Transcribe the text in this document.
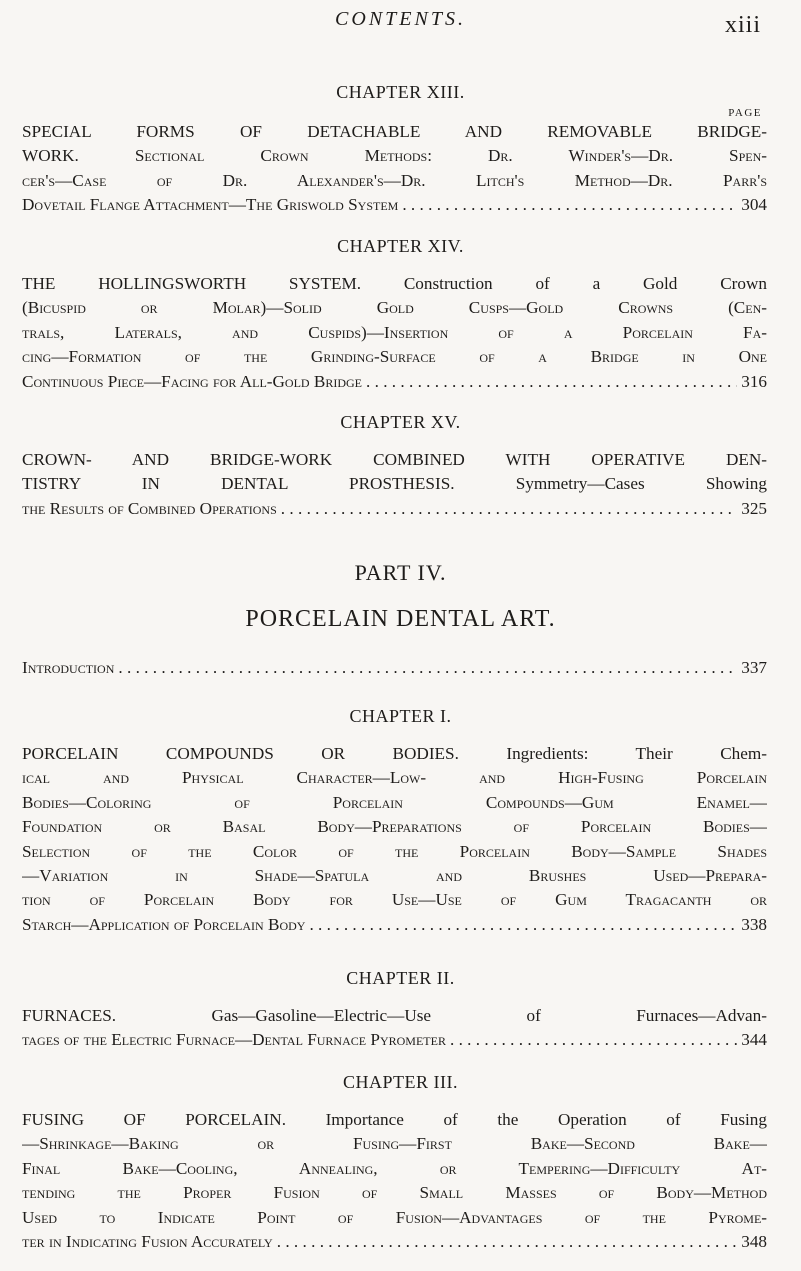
CONTENTS.	xiii
PAGE
CHAPTER XIII.
SPECIAL FORMS OF DETACHABLE AND REMOVABLE BRIDGE-
WORK. Sectional Crown Methods: Dr. Winder's—Dr. Spen-
cer's—Case of Dr. Alexander's—Dr. Litch's Method—Dr. Parr's
Dovetail Flange Attachment—The Griswold System . . .	304
CHAPTER XIV.
THE HOLLINGSWORTH SYSTEM. Construction of a Gold Crown
(Bicuspid or Molar)—Solid Gold Cusps—Gold Crowns (Cen-
trals, Laterals, and Cuspids)—Insertion of a Porcelain Fa-
cing—Formation of the Grinding-Surface of a Bridge in One
Continuous Piece—Facing for All-Gold Bridge . . .	316
CHAPTER XV.
CROWN- AND BRIDGE-WORK COMBINED WITH OPERATIVE DEN-
TISTRY IN DENTAL PROSTHESIS. Symmetry—Cases Showing
the Results of Combined Operations . . .	325
PART IV.
PORCELAIN DENTAL ART.
Introduction . . .	337
CHAPTER I.
PORCELAIN COMPOUNDS OR BODIES. Ingredients: Their Chem-
ical and Physical Character—Low- and High-Fusing Porcelain
Bodies—Coloring of Porcelain Compounds—Gum Enamel—
Foundation or Basal Body—Preparations of Porcelain Bodies—
Selection of the Color of the Porcelain Body—Sample Shades
—Variation in Shade—Spatula and Brushes Used—Prepara-
tion of Porcelain Body for Use—Use of Gum Tragacanth or
Starch—Application of Porcelain Body . . .	338
CHAPTER II.
FURNACES. Gas—Gasoline—Electric—Use of Furnaces—Advan-
tages of the Electric Furnace—Dental Furnace Pyrometer . . .	344
CHAPTER III.
FUSING OF PORCELAIN. Importance of the Operation of Fusing
—Shrinkage—Baking or Fusing—First Bake—Second Bake—
Final Bake—Cooling, Annealing, or Tempering—Difficulty At-
tending the Proper Fusion of Small Masses of Body—Method
Used to Indicate Point of Fusion—Advantages of the Pyrome-
ter in Indicating Fusion Accurately . . .	348
